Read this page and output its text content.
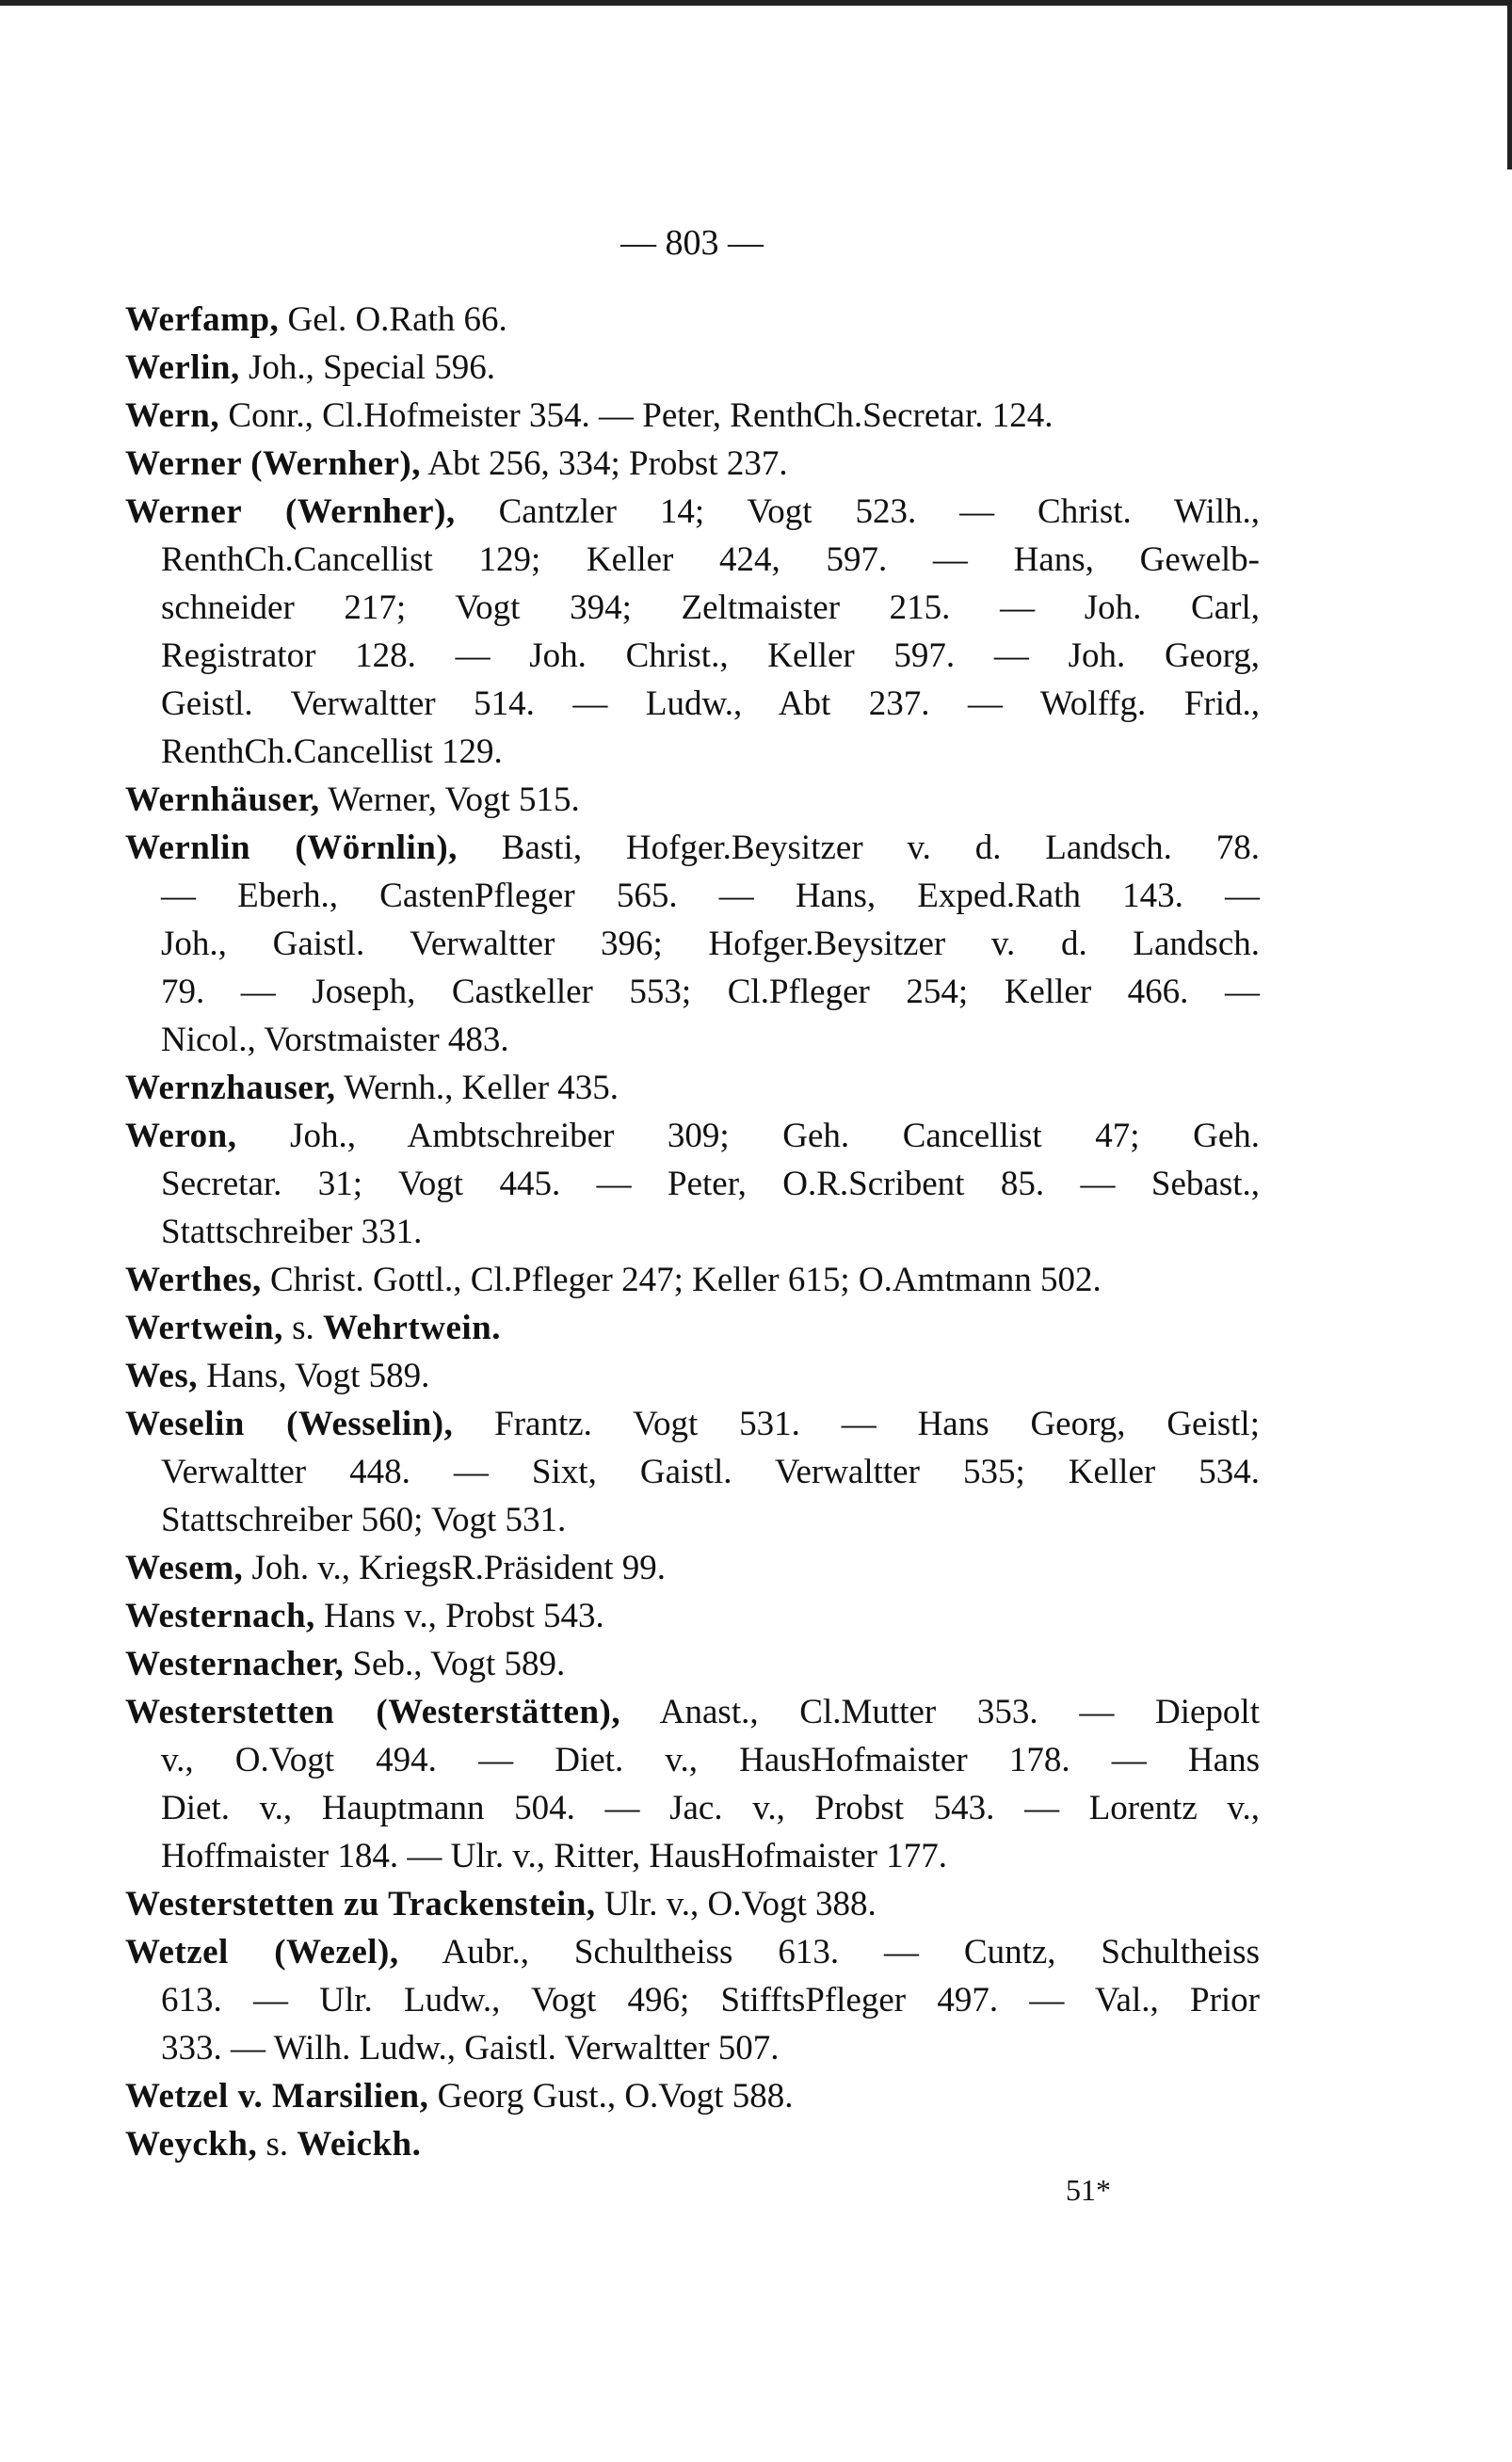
— 803 —
Werfamp, Gel. O.Rath 66.
Werlin, Joh., Special 596.
Wern, Conr., Cl.Hofmeister 354. — Peter, RenthCh.Secretar. 124.
Werner (Wernher), Abt 256, 334; Probst 237.
Werner (Wernher), Cantzler 14; Vogt 523. — Christ. Wilh.,
RenthCh.Cancellist 129; Keller 424, 597. — Hans, Gewelb-
schneider 217; Vogt 394; Zeltmaister 215. — Joh. Carl,
Registrator 128. — Joh. Christ., Keller 597. — Joh. Georg,
Geistl. Verwaltter 514. — Ludw., Abt 237. — Wolffg. Frid.,
RenthCh.Cancellist 129.
Wernhäuser, Werner, Vogt 515.
Wernlin (Wörnlin), Basti, Hofger.Beysitzer v. d. Landsch. 78.
— Eberh., CastenPfleger 565. — Hans, Exped.Rath 143. —
Joh., Gaistl. Verwaltter 396; Hofger.Beysitzer v. d. Landsch.
79. — Joseph, Castkeller 553; Cl.Pfleger 254; Keller 466. —
Nicol., Vorstmaister 483.
Wernzhauser, Wernh., Keller 435.
Weron, Joh., Ambtschreiber 309; Geh. Cancellist 47; Geh.
Secretar. 31; Vogt 445. — Peter, O.R.Scribent 85. — Sebast.,
Stattschreiber 331.
Werthes, Christ. Gottl., Cl.Pfleger 247; Keller 615; O.Amtmann 502.
Wertwein, s. Wehrtwein.
Wes, Hans, Vogt 589.
Weselin (Wesselin), Frantz. Vogt 531. — Hans Georg, Geistl;
Verwaltter 448. — Sixt, Gaistl. Verwaltter 535; Keller 534.
Stattschreiber 560; Vogt 531.
Wesem, Joh. v., KriegsR.Präsident 99.
Westernach, Hans v., Probst 543.
Westernacher, Seb., Vogt 589.
Westerstetten (Westerstätten), Anast., Cl.Mutter 353. — Diepolt
v., O.Vogt 494. — Diet. v., HausHofmaister 178. — Hans
Diet. v., Hauptmann 504. — Jac. v., Probst 543. — Lorentz v.,
Hoffmaister 184. — Ulr. v., Ritter, HausHofmaister 177.
Westerstetten zu Trackenstein, Ulr. v., O.Vogt 388.
Wetzel (Wezel), Aubr., Schultheiss 613. — Cuntz, Schultheiss
613. — Ulr. Ludw., Vogt 496; StifftsPfleger 497. — Val., Prior
333. — Wilh. Ludw., Gaistl. Verwaltter 507.
Wetzel v. Marsilien, Georg Gust., O.Vogt 588.
Weyckh, s. Weickh.
51*
